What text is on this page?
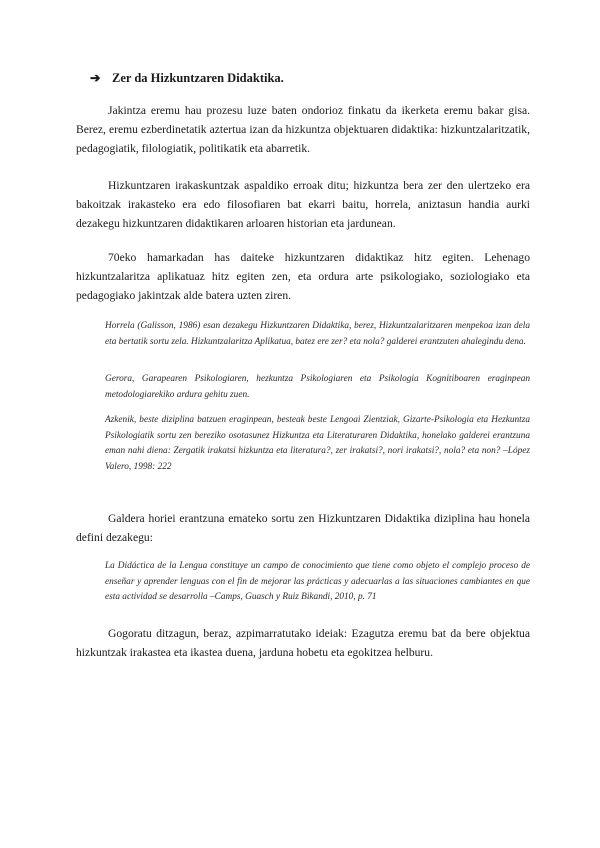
➔ Zer da Hizkuntzaren Didaktika.

Jakintza eremu hau prozesu luze baten ondorioz finkatu da ikerketa eremu bakar gisa. Berez, eremu ezberdinetatik aztertua izan da hizkuntza objektuaren didaktika: hizkuntzalaritzatik, pedagogiatik, filologiatik, politikatik eta abarretik.

Hizkuntzaren irakaskuntzak aspaldiko erroak ditu; hizkuntza bera zer den ulertzeko era bakoitzak irakasteko era edo filosofiaren bat ekarri baitu, horrela, aniztasun handia aurki dezakegu hizkuntzaren didaktikaren arloaren historian eta jardunean.

70eko hamarkadan has daiteke hizkuntzaren didaktikaz hitz egiten. Lehenago hizkuntzalaritza aplikatuaz hitz egiten zen, eta ordura arte psikologiako, soziologiako eta pedagogiako jakintzak alde batera uzten ziren.

Horrela (Galisson, 1986) esan dezakegu Hizkuntzaren Didaktika, berez, Hizkuntzalaritzaren menpekoa izan dela eta bertatik sortu zela. Hizkuntzalaritza Aplikatua, batez ere zer? eta nola? galderei erantzuten ahalegindu dena.

Gerora, Garapearen Psikologiaren, hezkuntza Psikologiaren eta Psikologia Kognitiboaren eraginpean metodologiarekiko ardura gehitu zuen.

Azkenik, beste diziplina batzuen eraginpean, besteak beste Lengoai Zientziak, Gizarte-Psikologia eta Hezkuntza Psikologiatik sortu zen bereziko osotasunez Hizkuntza eta Literaturaren Didaktika, honelako galderei erantzuna eman nahi diena: Zergatik irakatsi hizkuntza eta literatura?, zer irakatsi?, nori irakatsi?, nola? eta non? –López Valero, 1998: 222

Galdera horiei erantzuna emateko sortu zen Hizkuntzaren Didaktika diziplina hau honela defini dezakegu:

La Didáctica de la Lengua constituye un campo de conocimiento que tiene como objeto el complejo proceso de enseñar y aprender lenguas con el fin de mejorar las prácticas y adecuarlas a las situaciones cambiantes en que esta actividad se desarrolla –Camps, Guasch y Ruiz Bikandi, 2010, p. 71

Gogoratu ditzagun, beraz, azpimarratutako ideiak: Ezagutza eremu bat da bere objektua hizkuntzak irakastea eta ikastea duena, jarduna hobetu eta egokitzea helburu.
